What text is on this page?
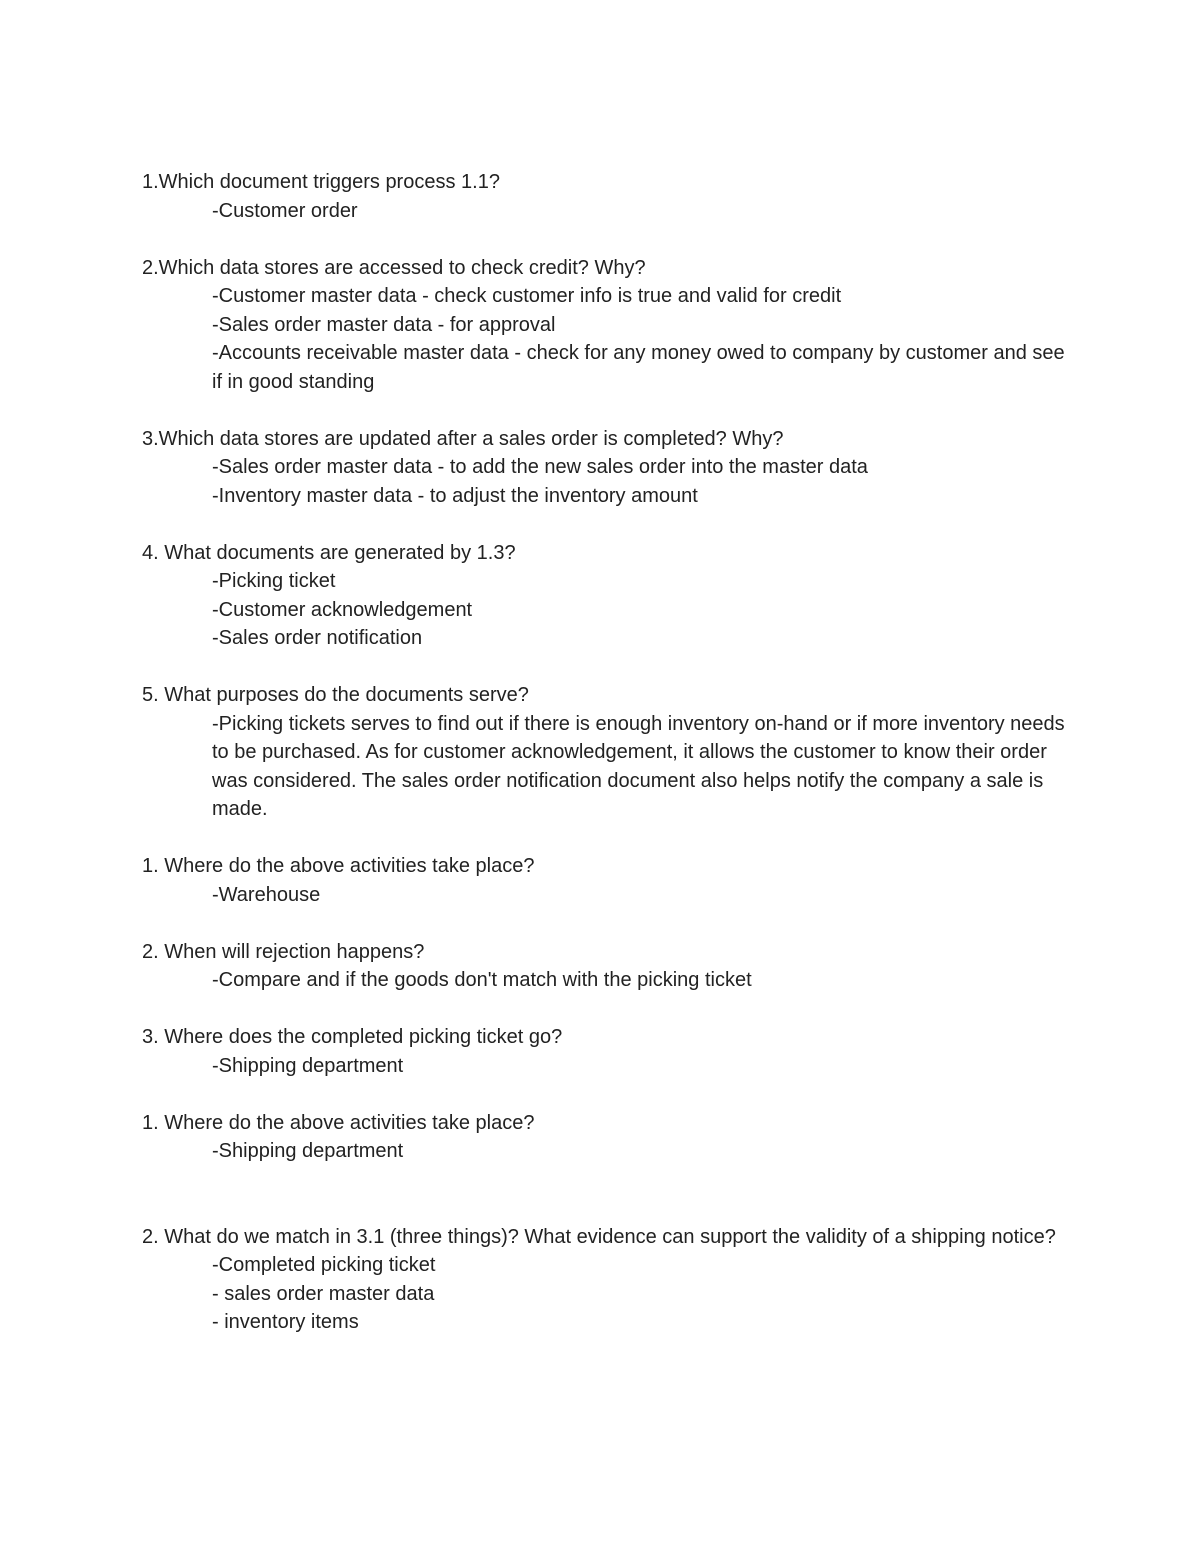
1.Which document triggers process 1.1?

-Customer order

2.Which data stores are accessed to check credit? Why?

-Customer master data - check customer info is true and valid for credit

-Sales order master data - for approval

-Accounts receivable master data - check for any money owed to company by customer and see if in good standing

3.Which data stores are updated after a sales order is completed? Why?

-Sales order master data - to add the new sales order into the master data

-Inventory master data - to adjust the inventory amount

4. What documents are generated by 1.3?

-Picking ticket

-Customer acknowledgement

-Sales order notification

5. What purposes do the documents serve?

-Picking tickets serves to find out if there is enough inventory on-hand or if more inventory needs to be purchased. As for customer acknowledgement, it allows the customer to know their order was considered. The sales order notification document also helps notify the company a sale is made.

1. Where do the above activities take place?

-Warehouse

2. When will rejection happens?

-Compare and if the goods don't match with the picking ticket

3. Where does the completed picking ticket go?

-Shipping department

1. Where do the above activities take place?

-Shipping department

2. What do we match in 3.1 (three things)? What evidence can support the validity of a shipping notice?

-Completed picking ticket

- sales order master data

- inventory items
